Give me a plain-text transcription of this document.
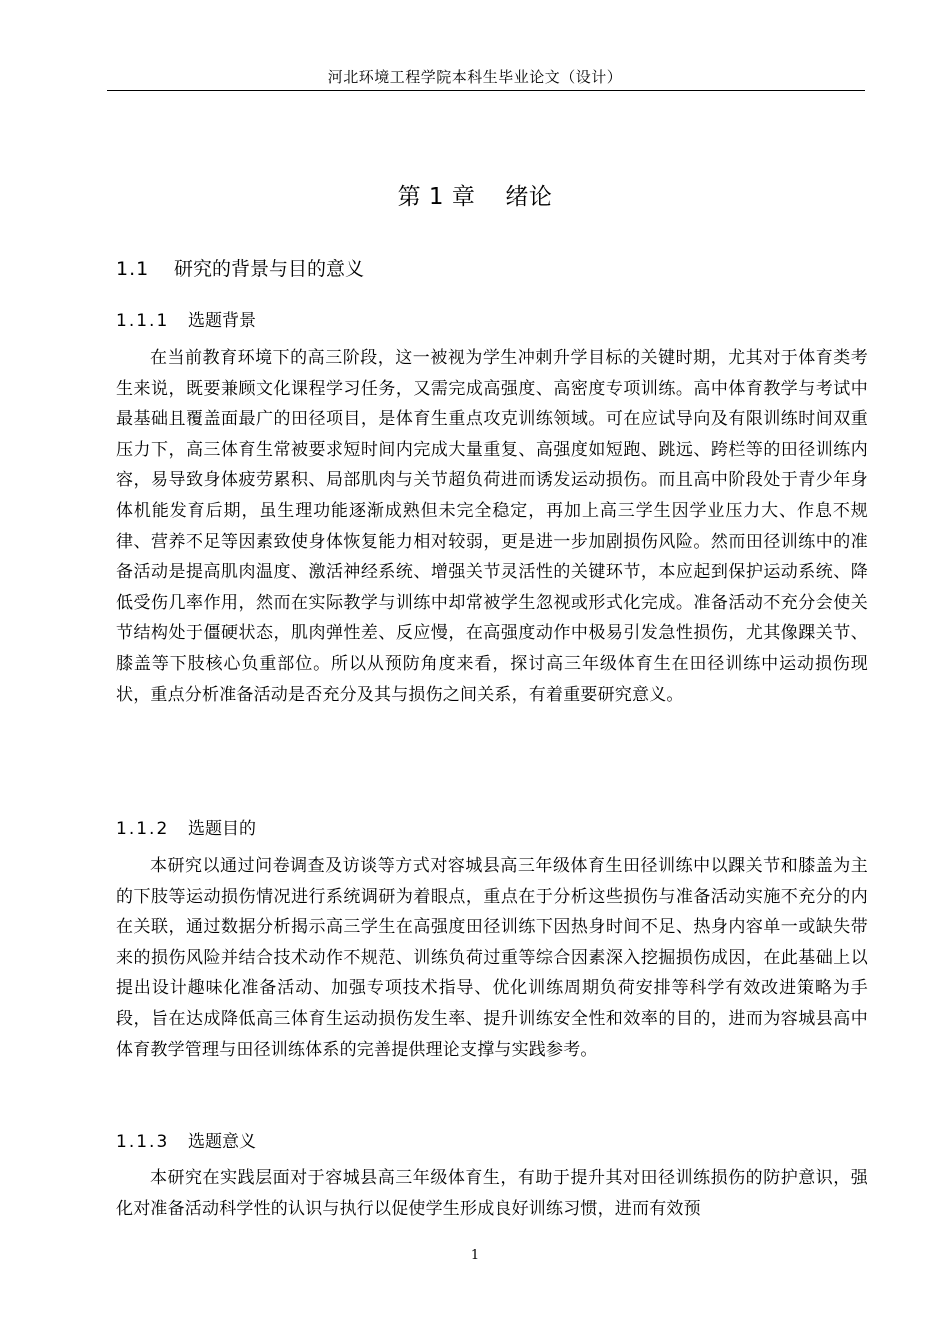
河北环境工程学院本科生毕业论文（设计）
第 1 章 绪论
1.1 研究的背景与目的意义
1.1.1 选题背景

在当前教育环境下的高三阶段，这一被视为学生冲刺升学目标的关键时期，尤其对于体育类考生来说，既要兼顾文化课程学习任务，又需完成高强度、高密度专项训练。高中体育教学与考试中最基础且覆盖面最广的田径项目，是体育生重点攻克训练领域。可在应试导向及有限训练时间双重压力下，高三体育生常被要求短时间内完成大量重复、高强度如短跑、跳远、跨栏等的田径训练内容，易导致身体疲劳累积、局部肌肉与关节超负荷进而诱发运动损伤。而且高中阶段处于青少年身体机能发育后期，虽生理功能逐渐成熟但未完全稳定，再加上高三学生因学业压力大、作息不规律、营养不足等因素致使身体恢复能力相对较弱，更是进一步加剧损伤风险。然而田径训练中的准备活动是提高肌肉温度、激活神经系统、增强关节灵活性的关键环节，本应起到保护运动系统、降低受伤几率作用，然而在实际教学与训练中却常被学生忽视或形式化完成。准备活动不充分会使关节结构处于僵硬状态，肌肉弹性差、反应慢，在高强度动作中极易引发急性损伤，尤其像踝关节、膝盖等下肢核心负重部位。所以从预防角度来看，探讨高三年级体育生在田径训练中运动损伤现状，重点分析准备活动是否充分及其与损伤之间关系，有着重要研究意义。

1.1.2 选题目的

本研究以通过问卷调查及访谈等方式对容城县高三年级体育生田径训练中以踝关节和膝盖为主的下肢等运动损伤情况进行系统调研为着眼点，重点在于分析这些损伤与准备活动实施不充分的内在关联，通过数据分析揭示高三学生在高强度田径训练下因热身时间不足、热身内容单一或缺失带来的损伤风险并结合技术动作不规范、训练负荷过重等综合因素深入挖掘损伤成因，在此基础上以提出设计趣味化准备活动、加强专项技术指导、优化训练周期负荷安排等科学有效改进策略为手段，旨在达成降低高三体育生运动损伤发生率、提升训练安全性和效率的目的，进而为容城县高中体育教学管理与田径训练体系的完善提供理论支撑与实践参考。

1.1.3 选题意义

本研究在实践层面对于容城县高三年级体育生，有助于提升其对田径训练损伤的防护意识，强化对准备活动科学性的认识与执行以促使学生形成良好训练习惯，进而有效预

1
